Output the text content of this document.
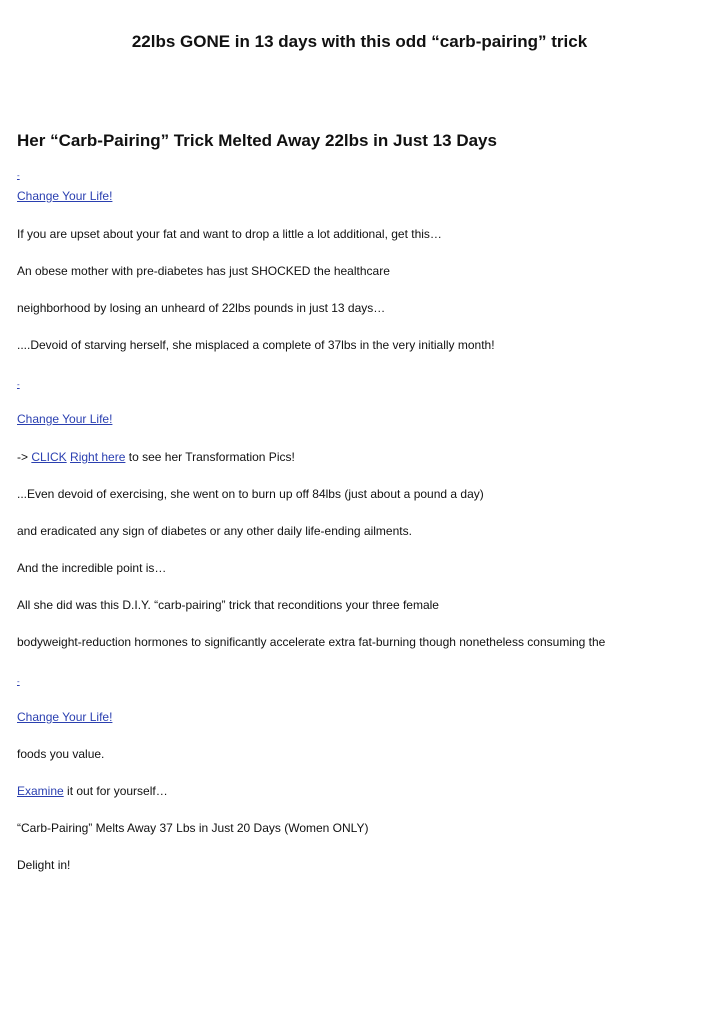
22lbs GONE in 13 days with this odd “carb-pairing” trick
Her “Carb-Pairing” Trick Melted Away 22lbs in Just 13 Days
-

Change Your Life!

If you are upset about your fat and want to drop a little a lot additional, get this…

An obese mother with pre-diabetes has just SHOCKED the healthcare

neighborhood by losing an unheard of 22lbs pounds in just 13 days…

....Devoid of starving herself, she misplaced a complete of 37lbs in the very initially month!

-

Change Your Life!

-> CLICK Right here to see her Transformation Pics!

...Even devoid of exercising, she went on to burn up off 84lbs (just about a pound a day)

and eradicated any sign of diabetes or any other daily life-ending ailments.

And the incredible point is…

All she did was this D.I.Y. “carb-pairing” trick that reconditions your three female

bodyweight-reduction hormones to significantly accelerate extra fat-burning though nonetheless consuming the

-

Change Your Life!

foods you value.

Examine it out for yourself…

“Carb-Pairing” Melts Away 37 Lbs in Just 20 Days (Women ONLY)

Delight in!
